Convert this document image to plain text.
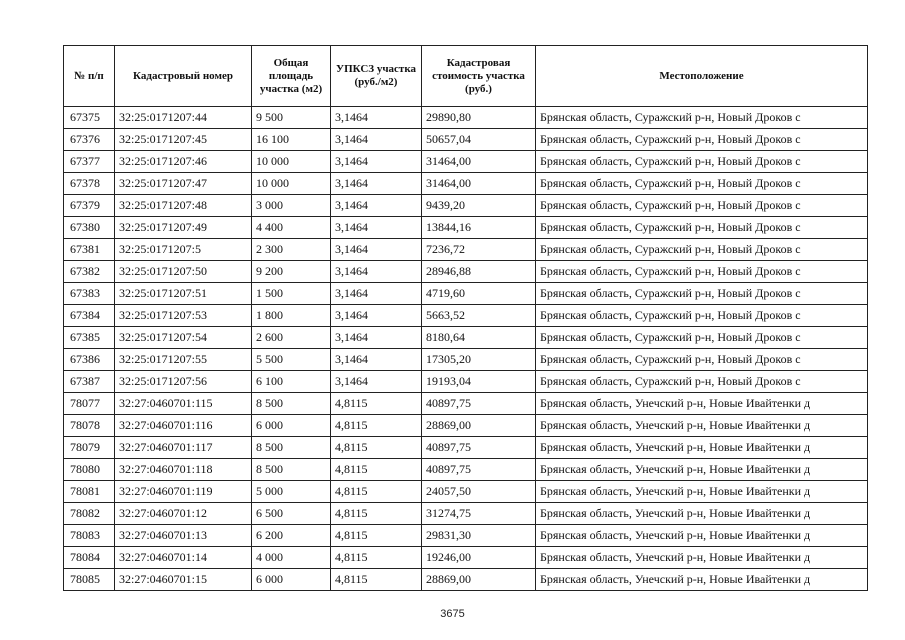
№ п/п	Кадастровый номер	Общая площадь участка (м2)	УПКСЗ участка (руб./м2)	Кадастровая стоимость участка (руб.)	Местоположение
67375	32:25:0171207:44	9 500	3,1464	29890,80	Брянская область, Суражский р-н, Новый Дроков с
67376	32:25:0171207:45	16 100	3,1464	50657,04	Брянская область, Суражский р-н, Новый Дроков с
67377	32:25:0171207:46	10 000	3,1464	31464,00	Брянская область, Суражский р-н, Новый Дроков с
67378	32:25:0171207:47	10 000	3,1464	31464,00	Брянская область, Суражский р-н, Новый Дроков с
67379	32:25:0171207:48	3 000	3,1464	9439,20	Брянская область, Суражский р-н, Новый Дроков с
67380	32:25:0171207:49	4 400	3,1464	13844,16	Брянская область, Суражский р-н, Новый Дроков с
67381	32:25:0171207:5	2 300	3,1464	7236,72	Брянская область, Суражский р-н, Новый Дроков с
67382	32:25:0171207:50	9 200	3,1464	28946,88	Брянская область, Суражский р-н, Новый Дроков с
67383	32:25:0171207:51	1 500	3,1464	4719,60	Брянская область, Суражский р-н, Новый Дроков с
67384	32:25:0171207:53	1 800	3,1464	5663,52	Брянская область, Суражский р-н, Новый Дроков с
67385	32:25:0171207:54	2 600	3,1464	8180,64	Брянская область, Суражский р-н, Новый Дроков с
67386	32:25:0171207:55	5 500	3,1464	17305,20	Брянская область, Суражский р-н, Новый Дроков с
67387	32:25:0171207:56	6 100	3,1464	19193,04	Брянская область, Суражский р-н, Новый Дроков с
78077	32:27:0460701:115	8 500	4,8115	40897,75	Брянская область, Унечский р-н, Новые Ивайтенки д
78078	32:27:0460701:116	6 000	4,8115	28869,00	Брянская область, Унечский р-н, Новые Ивайтенки д
78079	32:27:0460701:117	8 500	4,8115	40897,75	Брянская область, Унечский р-н, Новые Ивайтенки д
78080	32:27:0460701:118	8 500	4,8115	40897,75	Брянская область, Унечский р-н, Новые Ивайтенки д
78081	32:27:0460701:119	5 000	4,8115	24057,50	Брянская область, Унечский р-н, Новые Ивайтенки д
78082	32:27:0460701:12	6 500	4,8115	31274,75	Брянская область, Унечский р-н, Новые Ивайтенки д
78083	32:27:0460701:13	6 200	4,8115	29831,30	Брянская область, Унечский р-н, Новые Ивайтенки д
78084	32:27:0460701:14	4 000	4,8115	19246,00	Брянская область, Унечский р-н, Новые Ивайтенки д
78085	32:27:0460701:15	6 000	4,8115	28869,00	Брянская область, Унечский р-н, Новые Ивайтенки д
3675
